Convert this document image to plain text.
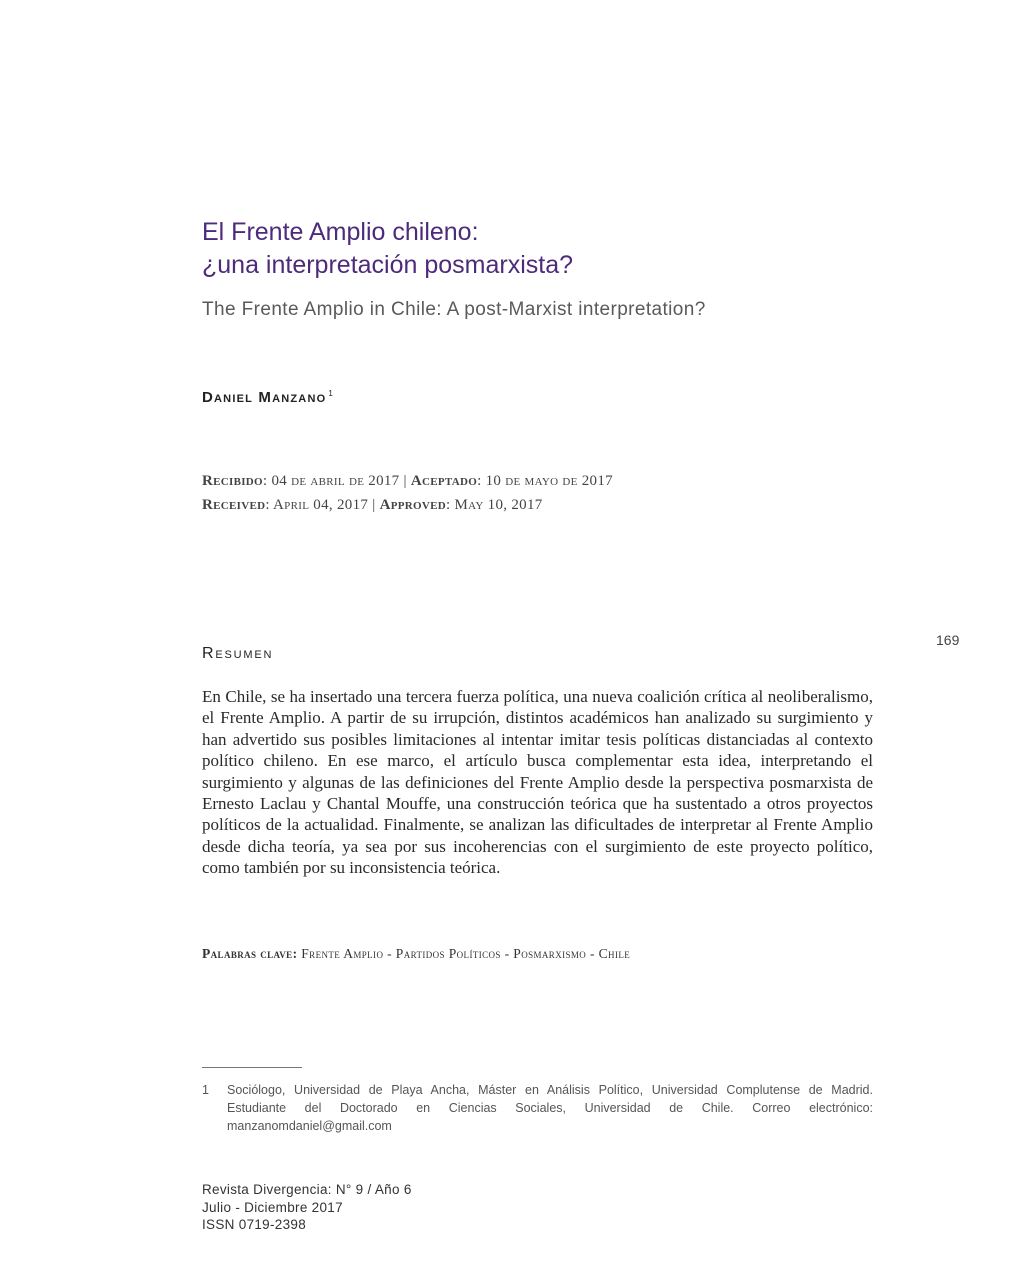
El Frente Amplio chileno:
¿una interpretación posmarxista?
The Frente Amplio in Chile: A post-Marxist interpretation?
Daniel Manzano $^1$
Recibido: 04 de abril de 2017 | Aceptado: 10 de mayo de 2017
Received: April 04, 2017 | Approved: May 10, 2017
169
Resumen

En Chile, se ha insertado una tercera fuerza política, una nueva coalición crítica al neoliberalismo, el Frente Amplio. A partir de su irrupción, distintos académicos han analizado su surgimiento y han advertido sus posibles limitaciones al intentar imitar tesis políticas distanciadas al contexto político chileno. En ese marco, el artículo busca complementar esta idea, interpretando el surgimiento y algunas de las definiciones del Frente Amplio desde la perspectiva posmarxista de Ernesto Laclau y Chantal Mouffe, una construcción teórica que ha sustentado a otros proyectos políticos de la actualidad. Finalmente, se analizan las dificultades de interpretar al Frente Amplio desde dicha teoría, ya sea por sus incoherencias con el surgimiento de este proyecto político, como también por su inconsistencia teórica.

Palabras clave: Frente Amplio - Partidos Políticos - Posmarxismo - Chile
1	Sociólogo, Universidad de Playa Ancha, Máster en Análisis Político, Universidad Complutense de Madrid. Estudiante del Doctorado en Ciencias Sociales, Universidad de Chile. Correo electrónico: manzanomdaniel@gmail.com
Revista Divergencia: N° 9 / Año 6
Julio - Diciembre 2017
ISSN 0719-2398
